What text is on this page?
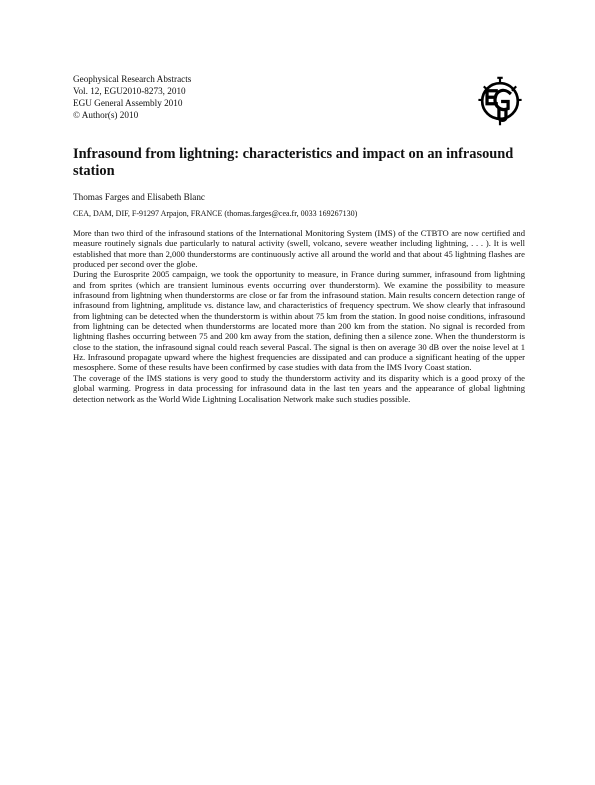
Geophysical Research Abstracts
Vol. 12, EGU2010-8273, 2010
EGU General Assembly 2010
© Author(s) 2010
Infrasound from lightning: characteristics and impact on an infrasound station
Thomas Farges and Elisabeth Blanc
CEA, DAM, DIF, F-91297 Arpajon, FRANCE (thomas.farges@cea.fr, 0033 169267130)

More than two third of the infrasound stations of the International Monitoring System (IMS) of the CTBTO are now certified and measure routinely signals due particularly to natural activity (swell, volcano, severe weather including lightning, . . . ). It is well established that more than 2,000 thunderstorms are continuously active all around the world and that about 45 lightning flashes are produced per second over the globe.

During the Eurosprite 2005 campaign, we took the opportunity to measure, in France during summer, infrasound from lightning and from sprites (which are transient luminous events occurring over thunderstorm). We examine the possibility to measure infrasound from lightning when thunderstorms are close or far from the infrasound station. Main results concern detection range of infrasound from lightning, amplitude vs. distance law, and characteristics of frequency spectrum. We show clearly that infrasound from lightning can be detected when the thunderstorm is within about 75 km from the station. In good noise conditions, infrasound from lightning can be detected when thunderstorms are located more than 200 km from the station. No signal is recorded from lightning flashes occurring between 75 and 200 km away from the station, defining then a silence zone. When the thunderstorm is close to the station, the infrasound signal could reach several Pascal. The signal is then on average 30 dB over the noise level at 1 Hz. Infrasound propagate upward where the highest frequencies are dissipated and can produce a significant heating of the upper mesosphere. Some of these results have been confirmed by case studies with data from the IMS Ivory Coast station.

The coverage of the IMS stations is very good to study the thunderstorm activity and its disparity which is a good proxy of the global warming. Progress in data processing for infrasound data in the last ten years and the appearance of global lightning detection network as the World Wide Lightning Localisation Network make such studies possible.
